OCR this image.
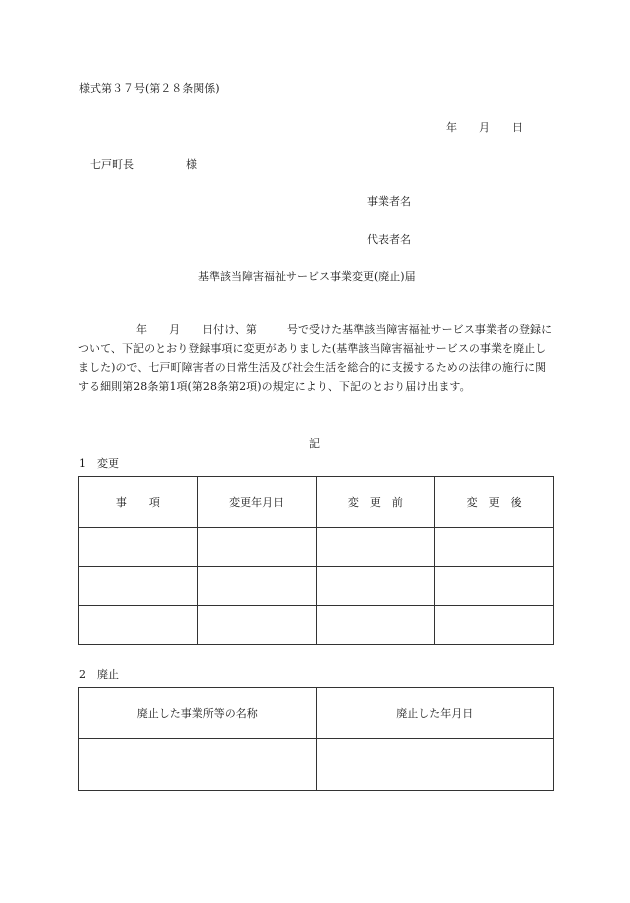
様式第３７号(第２８条関係)
年 月 日
七戸町長	様
事業者名
代表者名
基準該当障害福祉サービス事業変更(廃止)届
年 月 日付け、第	号で受けた基準該当障害福祉サービス事業者の登録について、下記のとおり登録事項に変更がありました(基準該当障害福祉サービスの事業を廃止しました)ので、七戸町障害者の日常生活及び社会生活を総合的に支援するための法律の施行に関する細則第28条第1項(第28条第2項)の規定により、下記のとおり届け出ます。
記
1　変更
事　　項	変更年月日	変　更　前	変　更　後

2　廃止
廃止した事業所等の名称	廃止した年月日
